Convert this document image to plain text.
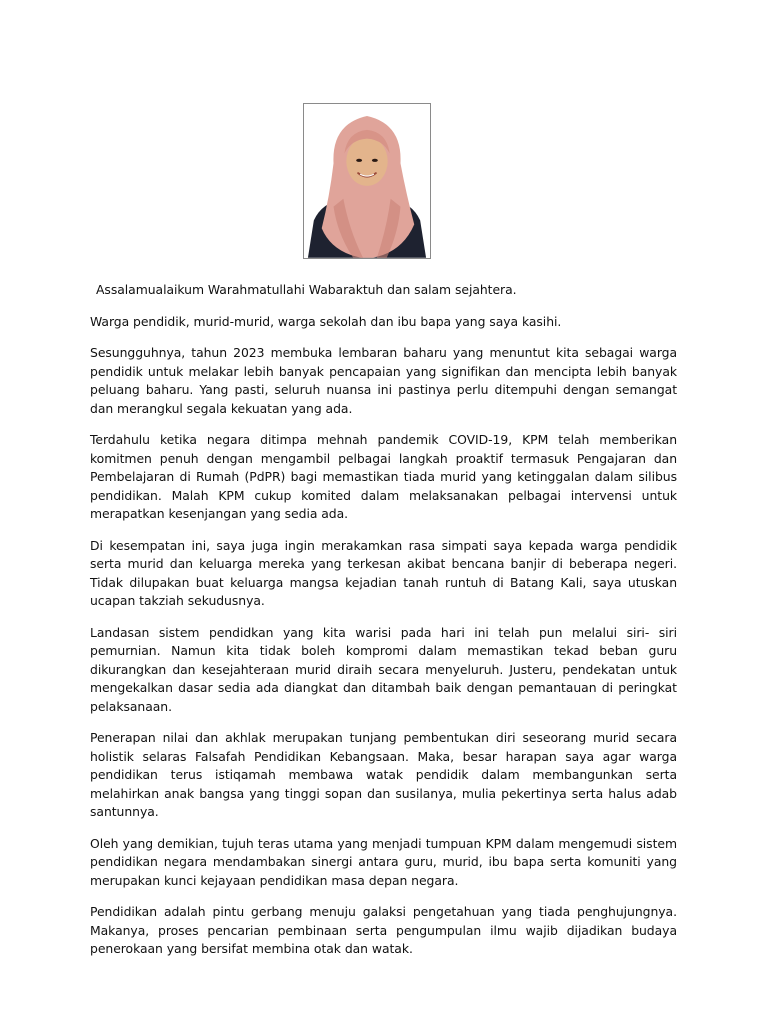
Assalamualaikum Warahmatullahi Wabaraktuh dan salam sejahtera.

Warga pendidik, murid-murid, warga sekolah dan ibu bapa yang saya kasihi.

Sesungguhnya, tahun 2023 membuka lembaran baharu yang menuntut kita sebagai warga pendidik untuk melakar lebih banyak pencapaian yang signifikan dan mencipta lebih banyak peluang baharu. Yang pasti, seluruh nuansa ini pastinya perlu ditempuhi dengan semangat dan merangkul segala kekuatan yang ada.

Terdahulu ketika negara ditimpa mehnah pandemik COVID-19, KPM telah memberikan komitmen penuh dengan mengambil pelbagai langkah proaktif termasuk Pengajaran dan Pembelajaran di Rumah (PdPR) bagi memastikan tiada murid yang ketinggalan dalam silibus pendidikan. Malah KPM cukup komited dalam melaksanakan pelbagai intervensi untuk merapatkan kesenjangan yang sedia ada.

Di kesempatan ini, saya juga ingin merakamkan rasa simpati saya kepada warga pendidik serta murid dan keluarga mereka yang terkesan akibat bencana banjir di beberapa negeri. Tidak dilupakan buat keluarga mangsa kejadian tanah runtuh di Batang Kali, saya utuskan ucapan takziah sekudusnya.

Landasan sistem pendidkan yang kita warisi pada hari ini telah pun melalui siri- siri pemurnian. Namun kita tidak boleh kompromi dalam memastikan tekad beban guru dikurangkan dan kesejahteraan murid diraih secara menyeluruh. Justeru, pendekatan untuk mengekalkan dasar sedia ada diangkat dan ditambah baik dengan pemantauan di peringkat pelaksanaan.

Penerapan nilai dan akhlak merupakan tunjang pembentukan diri seseorang murid secara holistik selaras Falsafah Pendidikan Kebangsaan. Maka, besar harapan saya agar warga pendidikan terus istiqamah membawa watak pendidik dalam membangunkan serta melahirkan anak bangsa yang tinggi sopan dan susilanya, mulia pekertinya serta halus adab santunnya.

Oleh yang demikian, tujuh teras utama yang menjadi tumpuan KPM dalam mengemudi sistem pendidikan negara mendambakan sinergi antara guru, murid, ibu bapa serta komuniti yang merupakan kunci kejayaan pendidikan masa depan negara.

Pendidikan adalah pintu gerbang menuju galaksi pengetahuan yang tiada penghujungnya. Makanya, proses pencarian pembinaan serta pengumpulan ilmu wajib dijadikan budaya penerokaan yang bersifat membina otak dan watak.
